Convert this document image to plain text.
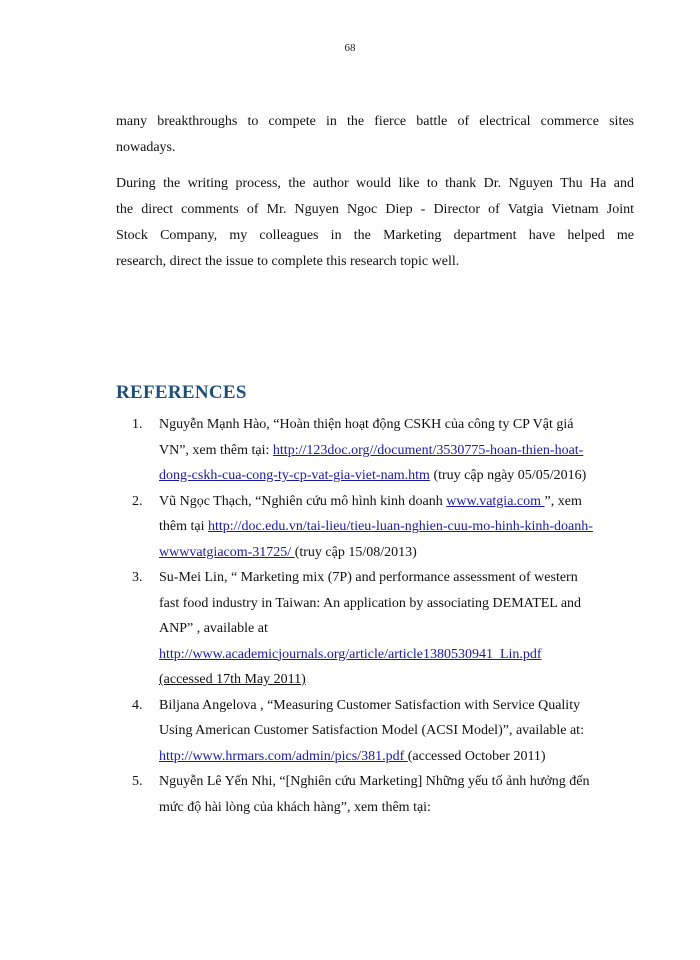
68
many breakthroughs to compete in the fierce battle of electrical commerce sites
nowadays.
During the writing process, the author would like to thank Dr. Nguyen Thu Ha and
the direct comments of Mr. Nguyen Ngoc Diep - Director of Vatgia Vietnam Joint
Stock Company, my colleagues in the Marketing department have helped me
research, direct the issue to complete this research topic well.
REFERENCES
1. Nguyễn Mạnh Hào, “Hoàn thiện hoạt động CSKH của công ty CP Vật giá
VN”, xem thêm tại: http://123doc.org//document/3530775-hoan-thien-hoat-
dong-cskh-cua-cong-ty-cp-vat-gia-viet-nam.htm (truy cập ngày 05/05/2016)
2. Vũ Ngọc Thạch, “Nghiên cứu mô hình kinh doanh www.vatgia.com ”, xem
thêm tại http://doc.edu.vn/tai-lieu/tieu-luan-nghien-cuu-mo-hinh-kinh-doanh-
wwwvatgiacom-31725/ (truy cập 15/08/2013)
3. Su-Mei Lin, “ Marketing mix (7P) and performance assessment of western
fast food industry in Taiwan: An application by associating DEMATEL and
ANP” , available at
http://www.academicjournals.org/article/article1380530941_Lin.pdf
(accessed 17th May 2011)
4. Biljana Angelova , “Measuring Customer Satisfaction with Service Quality
Using American Customer Satisfaction Model (ACSI Model)”, available at:
http://www.hrmars.com/admin/pics/381.pdf (accessed October 2011)
5. Nguyễn Lê Yến Nhi, “[Nghiên cứu Marketing] Những yếu tố ảnh hưởng đến
mức độ hài lòng của khách hàng”, xem thêm tại:
